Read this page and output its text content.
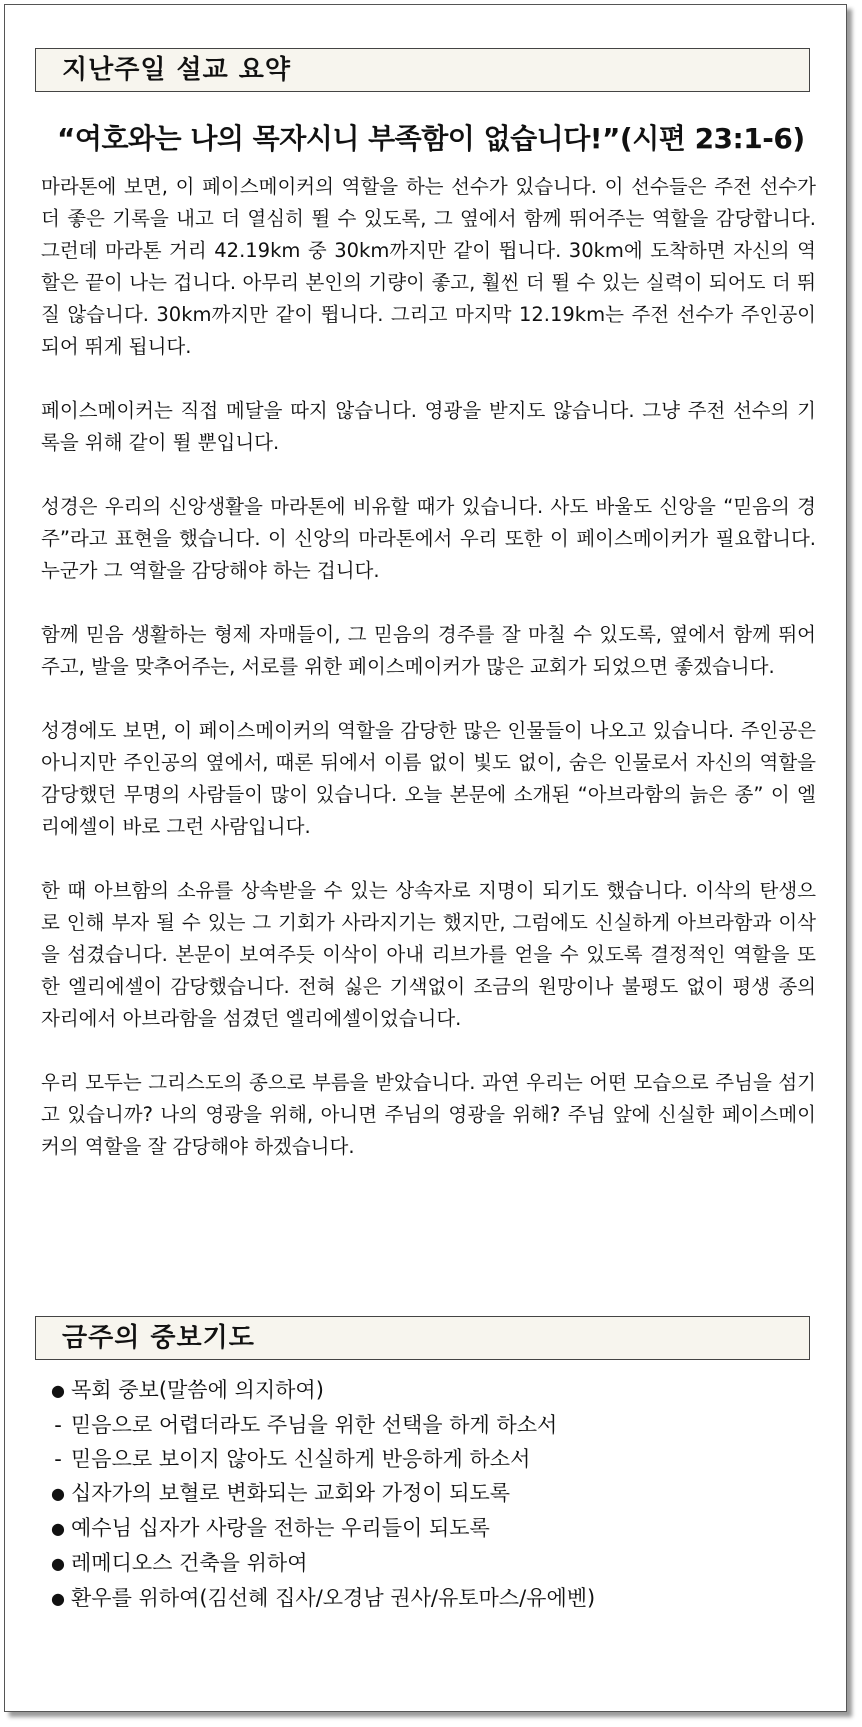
지난주일 설교 요약
“여호와는 나의 목자시니 부족함이 없습니다!”(시편 23:1-6)

마라톤에 보면, 이 페이스메이커의 역할을 하는 선수가 있습니다. 이 선수들은 주전 선수가 더 좋은 기록을 내고 더 열심히 뛸 수 있도록, 그 옆에서 함께 뛰어주는 역할을 감당합니다. 그런데 마라톤 거리 42.19km 중 30km까지만 같이 뜁니다. 30km에 도착하면 자신의 역할은 끝이 나는 겁니다. 아무리 본인의 기량이 좋고, 훨씬 더 뛸 수 있는 실력이 되어도 더 뛰질 않습니다. 30km까지만 같이 뜁니다. 그리고 마지막 12.19km는 주전 선수가 주인공이 되어 뛰게 됩니다.

페이스메이커는 직접 메달을 따지 않습니다. 영광을 받지도 않습니다. 그냥 주전 선수의 기록을 위해 같이 뛸 뿐입니다.

성경은 우리의 신앙생활을 마라톤에 비유할 때가 있습니다. 사도 바울도 신앙을 “믿음의 경주”라고 표현을 했습니다. 이 신앙의 마라톤에서 우리 또한 이 페이스메이커가 필요합니다. 누군가 그 역할을 감당해야 하는 겁니다.

함께 믿음 생활하는 형제 자매들이, 그 믿음의 경주를 잘 마칠 수 있도록, 옆에서 함께 뛰어주고, 발을 맞추어주는, 서로를 위한 페이스메이커가 많은 교회가 되었으면 좋겠습니다.

성경에도 보면, 이 페이스메이커의 역할을 감당한 많은 인물들이 나오고 있습니다. 주인공은 아니지만 주인공의 옆에서, 때론 뒤에서 이름 없이 빛도 없이, 숨은 인물로서 자신의 역할을 감당했던 무명의 사람들이 많이 있습니다. 오늘 본문에 소개된 “아브라함의 늙은 종” 이 엘리에셀이 바로 그런 사람입니다.

한 때 아브함의 소유를 상속받을 수 있는 상속자로 지명이 되기도 했습니다. 이삭의 탄생으로 인해 부자 될 수 있는 그 기회가 사라지기는 했지만, 그럼에도 신실하게 아브라함과 이삭을 섬겼습니다. 본문이 보여주듯 이삭이 아내 리브가를 얻을 수 있도록 결정적인 역할을 또한 엘리에셀이 감당했습니다. 전혀 싫은 기색없이 조금의 원망이나 불평도 없이 평생 종의 자리에서 아브라함을 섬겼던 엘리에셀이었습니다.

우리 모두는 그리스도의 종으로 부름을 받았습니다. 과연 우리는 어떤 모습으로 주님을 섬기고 있습니까? 나의 영광을 위해, 아니면 주님의 영광을 위해? 주님 앞에 신실한 페이스메이커의 역할을 잘 감당해야 하겠습니다.

금주의 중보기도
● 목회 중보(말씀에 의지하여)
- 믿음으로 어렵더라도 주님을 위한 선택을 하게 하소서
- 믿음으로 보이지 않아도 신실하게 반응하게 하소서
● 십자가의 보혈로 변화되는 교회와 가정이 되도록
● 예수님 십자가 사랑을 전하는 우리들이 되도록
● 레메디오스 건축을 위하여
● 환우를 위하여(김선혜 집사/오경남 권사/유토마스/유에벤)
